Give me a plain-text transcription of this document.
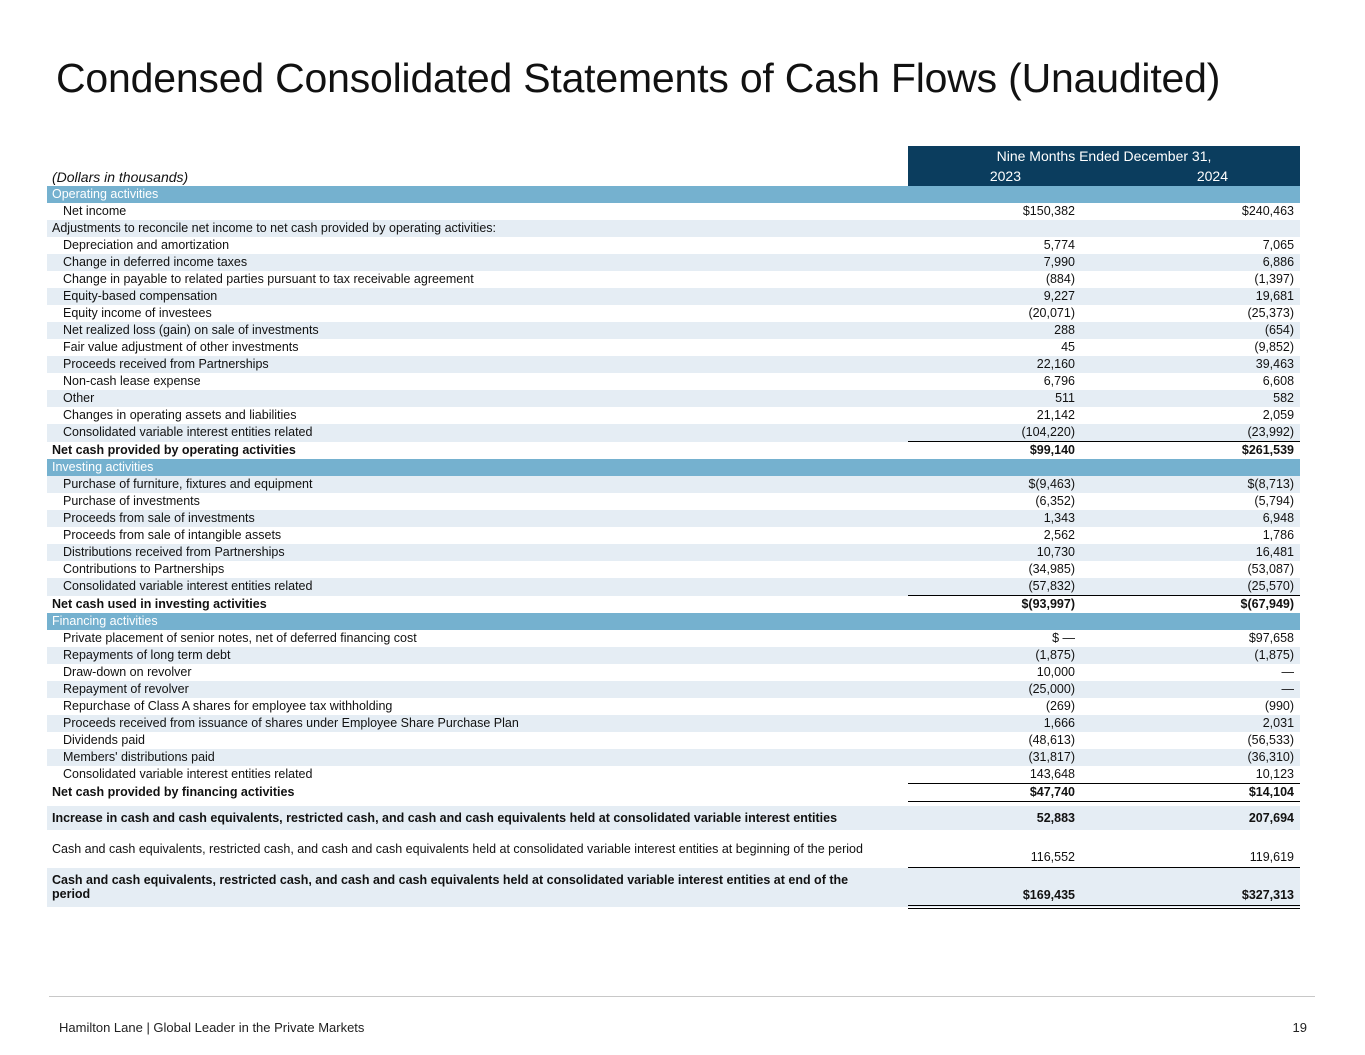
Condensed Consolidated Statements of Cash Flows (Unaudited)
	Nine Months Ended December 31,	
(Dollars in thousands)	2023	2024
Operating activities		
Net income	$150,382	$240,463
Adjustments to reconcile net income to net cash provided by operating activities:		
Depreciation and amortization	5,774	7,065
Change in deferred income taxes	7,990	6,886
Change in payable to related parties pursuant to tax receivable agreement	(884)	(1,397)
Equity-based compensation	9,227	19,681
Equity income of investees	(20,071)	(25,373)
Net realized loss (gain) on sale of investments	288	(654)
Fair value adjustment of other investments	45	(9,852)
Proceeds received from Partnerships	22,160	39,463
Non-cash lease expense	6,796	6,608
Other	511	582
Changes in operating assets and liabilities	21,142	2,059
Consolidated variable interest entities related	(104,220)	(23,992)
Net cash provided by operating activities	$99,140	$261,539
Investing activities		
Purchase of furniture, fixtures and equipment	$(9,463)	$(8,713)
Purchase of investments	(6,352)	(5,794)
Proceeds from sale of investments	1,343	6,948
Proceeds from sale of intangible assets	2,562	1,786
Distributions received from Partnerships	10,730	16,481
Contributions to Partnerships	(34,985)	(53,087)
Consolidated variable interest entities related	(57,832)	(25,570)
Net cash used in investing activities	$(93,997)	$(67,949)
Financing activities		
Private placement of senior notes, net of deferred financing cost	$ —	$97,658
Repayments of long term debt	(1,875)	(1,875)
Draw-down on revolver	10,000	—
Repayment of revolver	(25,000)	—
Repurchase of Class A shares for employee tax withholding	(269)	(990)
Proceeds received from issuance of shares under Employee Share Purchase Plan	1,666	2,031
Dividends paid	(48,613)	(56,533)
Members' distributions paid	(31,817)	(36,310)
Consolidated variable interest entities related	143,648	10,123
Net cash provided by financing activities	$47,740	$14,104

Increase in cash and cash equivalents, restricted cash, and cash and cash equivalents held at consolidated variable interest entities	52,883	207,694
Cash and cash equivalents, restricted cash, and cash and cash equivalents held at consolidated variable interest entities at beginning of the period	116,552	119,619
Cash and cash equivalents, restricted cash, and cash and cash equivalents held at consolidated variable interest entities at end of the period	$169,435	$327,313
Hamilton Lane | Global Leader in the Private Markets	19
